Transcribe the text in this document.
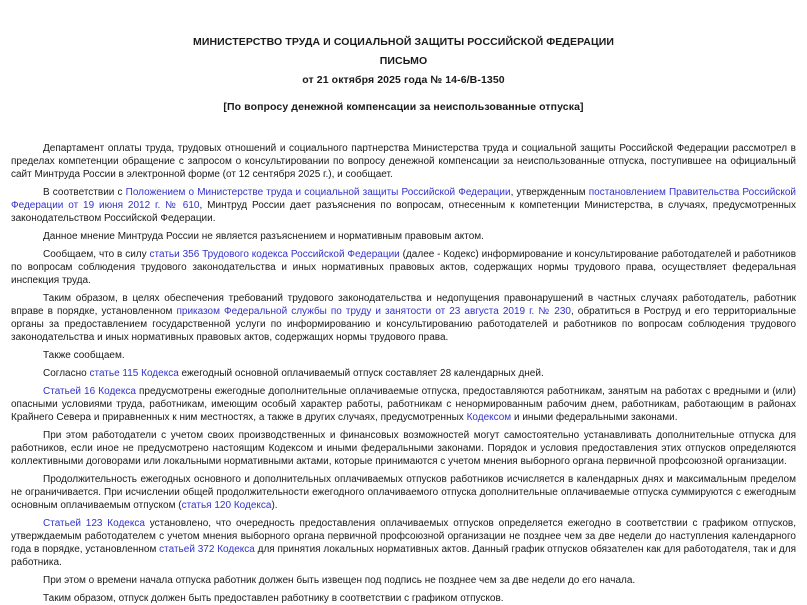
МИНИСТЕРСТВО ТРУДА И СОЦИАЛЬНОЙ ЗАЩИТЫ РОССИЙСКОЙ ФЕДЕРАЦИИ
ПИСЬМО
от 21 октября 2025 года № 14-6/В-1350
[По вопросу денежной компенсации за неиспользованные отпуска]

Департамент оплаты труда, трудовых отношений и социального партнерства Министерства труда и социальной защиты Российской Федерации рассмотрел в пределах компетенции обращение с запросом о консультировании по вопросу денежной компенсации за неиспользованные отпуска, поступившее на официальный сайт Минтруда России в электронной форме (от 12 сентября 2025 г.), и сообщает.

В соответствии с Положением о Министерстве труда и социальной защиты Российской Федерации, утвержденным постановлением Правительства Российской Федерации от 19 июня 2012 г. № 610, Минтруд России дает разъяснения по вопросам, отнесенным к компетенции Министерства, в случаях, предусмотренных законодательством Российской Федерации.

Данное мнение Минтруда России не является разъяснением и нормативным правовым актом.

Сообщаем, что в силу статьи 356 Трудового кодекса Российской Федерации (далее - Кодекс) информирование и консультирование работодателей и работников по вопросам соблюдения трудового законодательства и иных нормативных правовых актов, содержащих нормы трудового права, осуществляет федеральная инспекция труда.

Таким образом, в целях обеспечения требований трудового законодательства и недопущения правонарушений в частных случаях работодатель, работник вправе в порядке, установленном приказом Федеральной службы по труду и занятости от 23 августа 2019 г. № 230, обратиться в Роструд и его территориальные органы за предоставлением государственной услуги по информированию и консультированию работодателей и работников по вопросам соблюдения трудового законодательства и иных нормативных правовых актов, содержащих нормы трудового права.

Также сообщаем.

Согласно статье 115 Кодекса ежегодный основной оплачиваемый отпуск составляет 28 календарных дней.

Статьей 16 Кодекса предусмотрены ежегодные дополнительные оплачиваемые отпуска, предоставляются работникам, занятым на работах с вредными и (или) опасными условиями труда, работникам, имеющим особый характер работы, работникам с ненормированным рабочим днем, работникам, работающим в районах Крайнего Севера и приравненных к ним местностях, а также в других случаях, предусмотренных Кодексом и иными федеральными законами.

При этом работодатели с учетом своих производственных и финансовых возможностей могут самостоятельно устанавливать дополнительные отпуска для работников, если иное не предусмотрено настоящим Кодексом и иными федеральными законами. Порядок и условия предоставления этих отпусков определяются коллективными договорами или локальными нормативными актами, которые принимаются с учетом мнения выборного органа первичной профсоюзной организации.

Продолжительность ежегодных основного и дополнительных оплачиваемых отпусков работников исчисляется в календарных днях и максимальным пределом не ограничивается. При исчислении общей продолжительности ежегодного оплачиваемого отпуска дополнительные оплачиваемые отпуска суммируются с ежегодным основным оплачиваемым отпуском (статья 120 Кодекса).

Статьей 123 Кодекса установлено, что очередность предоставления оплачиваемых отпусков определяется ежегодно в соответствии с графиком отпусков, утверждаемым работодателем с учетом мнения выборного органа первичной профсоюзной организации не позднее чем за две недели до наступления календарного года в порядке, установленном статьей 372 Кодекса для принятия локальных нормативных актов. Данный график отпусков обязателен как для работодателя, так и для работника.

При этом о времени начала отпуска работник должен быть извещен под подпись не позднее чем за две недели до его начала.

Таким образом, отпуск должен быть предоставлен работнику в соответствии с графиком отпусков.
